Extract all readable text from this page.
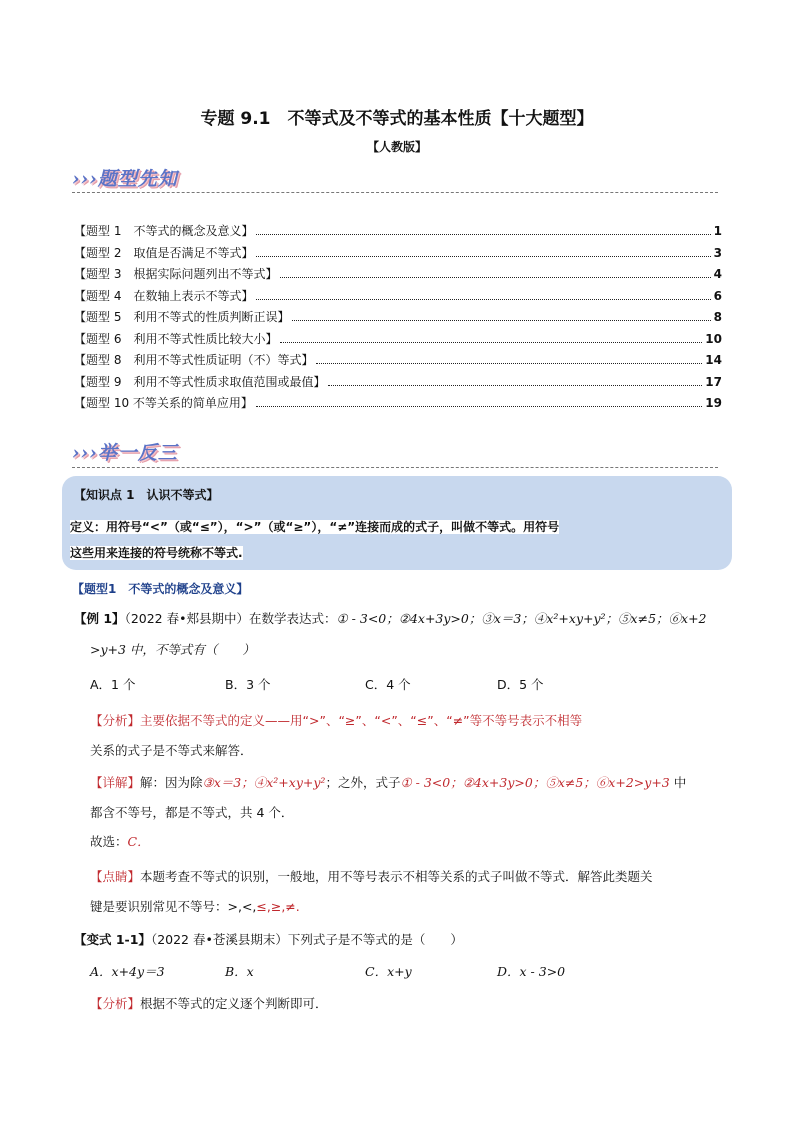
专题 9.1　不等式及不等式的基本性质【十大题型】
【人教版】
›››题型先知
【题型 1　不等式的概念及意义】	1
【题型 2　取值是否满足不等式】	3
【题型 3　根据实际问题列出不等式】	4
【题型 4　在数轴上表示不等式】	6
【题型 5　利用不等式的性质判断正误】	8
【题型 6　利用不等式性质比较大小】	10
【题型 8　利用不等式性质证明（不）等式】	14
【题型 9　利用不等式性质求取值范围或最值】	17
【题型 10 不等关系的简单应用】	19
›››举一反三
【知识点 1　认识不等式】
定义：用符号“<”（或“≤”），“>”（或“≥”），“≠”连接而成的式子，叫做不等式。用符号
这些用来连接的符号统称不等式.
【题型1　不等式的概念及意义】
【例 1】（2022 春•郏县期中）在数学表达式：① - 3<0；②4x+3y>0；③x＝3；④x²+xy+y²；⑤x≠5；⑥x+2
>y+3 中，不等式有（　　）
A．1 个	B．3 个	C．4 个	D．5 个
【分析】主要依据不等式的定义——用“>”、“≥”、“<”、“≤”、“≠”等不等号表示不相等
关系的式子是不等式来解答．
【详解】解：因为除③x＝3；④x²+xy+y²；之外，式子① - 3<0；②4x+3y>0；⑤x≠5；⑥x+2>y+3 中
都含不等号，都是不等式，共 4 个．
故选：C．
【点睛】本题考查不等式的识别，一般地，用不等号表示不相等关系的式子叫做不等式．解答此类题关
键是要识别常见不等号：>,<,≤,≥,≠.
【变式 1-1】（2022 春•苍溪县期末）下列式子是不等式的是（　　）
A．x+4y＝3	B．x	C．x+y	D．x - 3>0
【分析】根据不等式的定义逐个判断即可．
